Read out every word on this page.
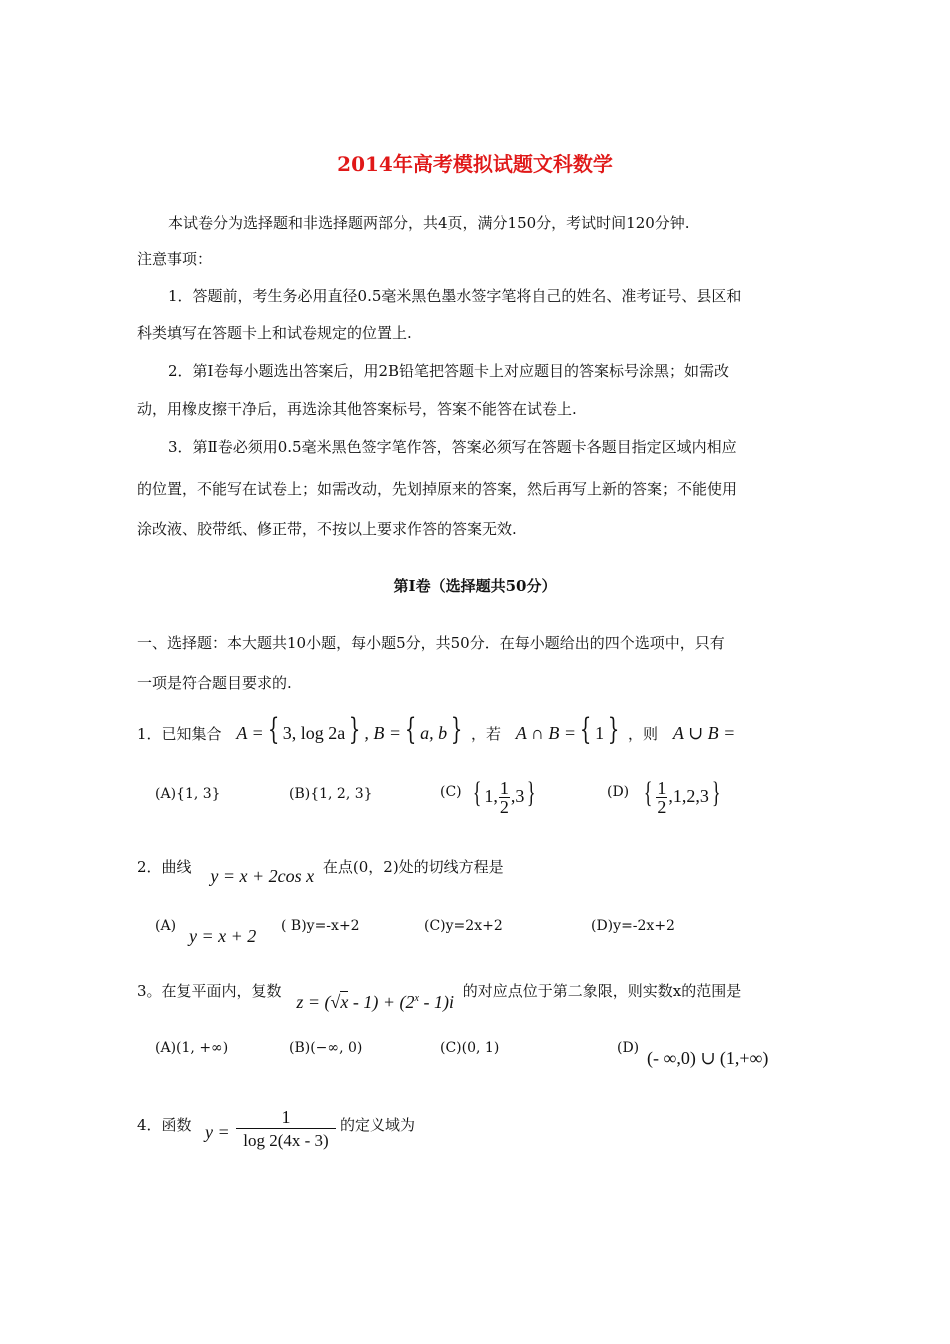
2014年高考模拟试题文科数学
本试卷分为选择题和非选择题两部分，共4页，满分150分，考试时间120分钟.
注意事项：
1．答题前，考生务必用直径0.5毫米黑色墨水签字笔将自己的姓名、准考证号、县区和
科类填写在答题卡上和试卷规定的位置上.
2．第Ⅰ卷每小题选出答案后，用2B铅笔把答题卡上对应题目的答案标号涂黑；如需改
动，用橡皮擦干净后，再选涂其他答案标号，答案不能答在试卷上.
3．第Ⅱ卷必须用0.5毫米黑色签字笔作答，答案必须写在答题卡各题目指定区域内相应
的位置，不能写在试卷上；如需改动，先划掉原来的答案，然后再写上新的答案；不能使用
涂改液、胶带纸、修正带，不按以上要求作答的答案无效.
第Ⅰ卷（选择题共50分）
一、选择题：本大题共10小题，每小题5分，共50分．在每小题给出的四个选项中，只有
一项是符合题目要求的.
1．已知集合 A = { 3, log 2a } , B = { a, b } ，若 A ∩ B = { 1 } ，则 A ∪ B =
(A){1, 3}	(B){1, 2, 3}	(C) { 1, $\frac{1}{2} ,3$}	(D) { $\frac{1}{2} ,1,2,3$}
2．曲线 y = x + 2cos x 在点(0，2)处的切线方程是
(A) y = x + 2 ( B)y=-x+2	(C)y=2x+2	(D)y=-2x+2
3。在复平面内，复数 $z = (√x - 1) + (2^x - 1)i$ 的对应点位于第二象限，则实数x的范围是
(A)(1, +∞)	(B)(−∞, 0)	(C)(0, 1)	(D) (- ∞,0) ∪ (1,+∞)
4．函数 $y = \frac{1}{\log 2(4x - 3)}$ 的定义域为
